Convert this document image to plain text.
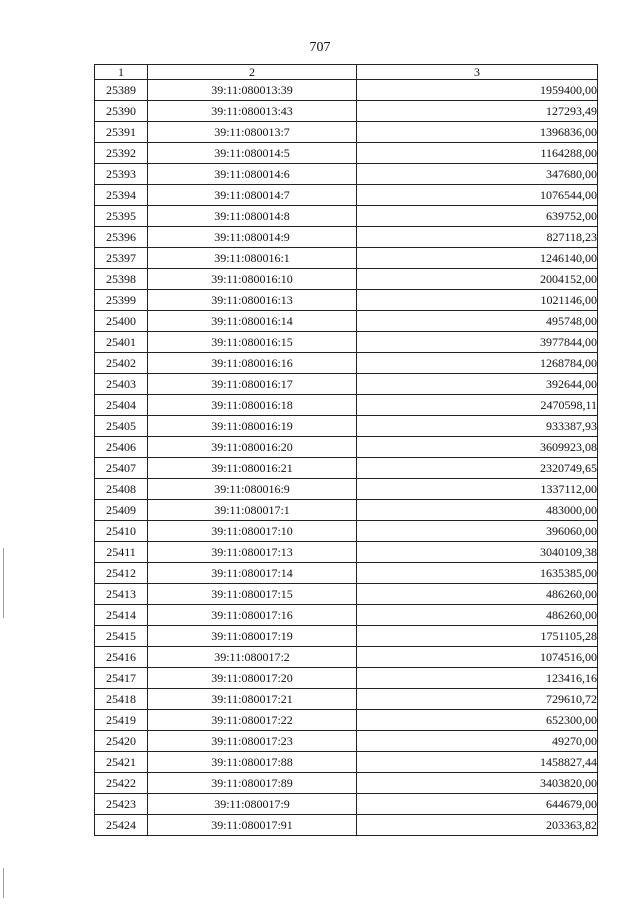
707
1	2	3
25389	39:11:080013:39	1959400,00
25390	39:11:080013:43	127293,49
25391	39:11:080013:7	1396836,00
25392	39:11:080014:5	1164288,00
25393	39:11:080014:6	347680,00
25394	39:11:080014:7	1076544,00
25395	39:11:080014:8	639752,00
25396	39:11:080014:9	827118,23
25397	39:11:080016:1	1246140,00
25398	39:11:080016:10	2004152,00
25399	39:11:080016:13	1021146,00
25400	39:11:080016:14	495748,00
25401	39:11:080016:15	3977844,00
25402	39:11:080016:16	1268784,00
25403	39:11:080016:17	392644,00
25404	39:11:080016:18	2470598,11
25405	39:11:080016:19	933387,93
25406	39:11:080016:20	3609923,08
25407	39:11:080016:21	2320749,65
25408	39:11:080016:9	1337112,00
25409	39:11:080017:1	483000,00
25410	39:11:080017:10	396060,00
25411	39:11:080017:13	3040109,38
25412	39:11:080017:14	1635385,00
25413	39:11:080017:15	486260,00
25414	39:11:080017:16	486260,00
25415	39:11:080017:19	1751105,28
25416	39:11:080017:2	1074516,00
25417	39:11:080017:20	123416,16
25418	39:11:080017:21	729610,72
25419	39:11:080017:22	652300,00
25420	39:11:080017:23	49270,00
25421	39:11:080017:88	1458827,44
25422	39:11:080017:89	3403820,00
25423	39:11:080017:9	644679,00
25424	39:11:080017:91	203363,82
